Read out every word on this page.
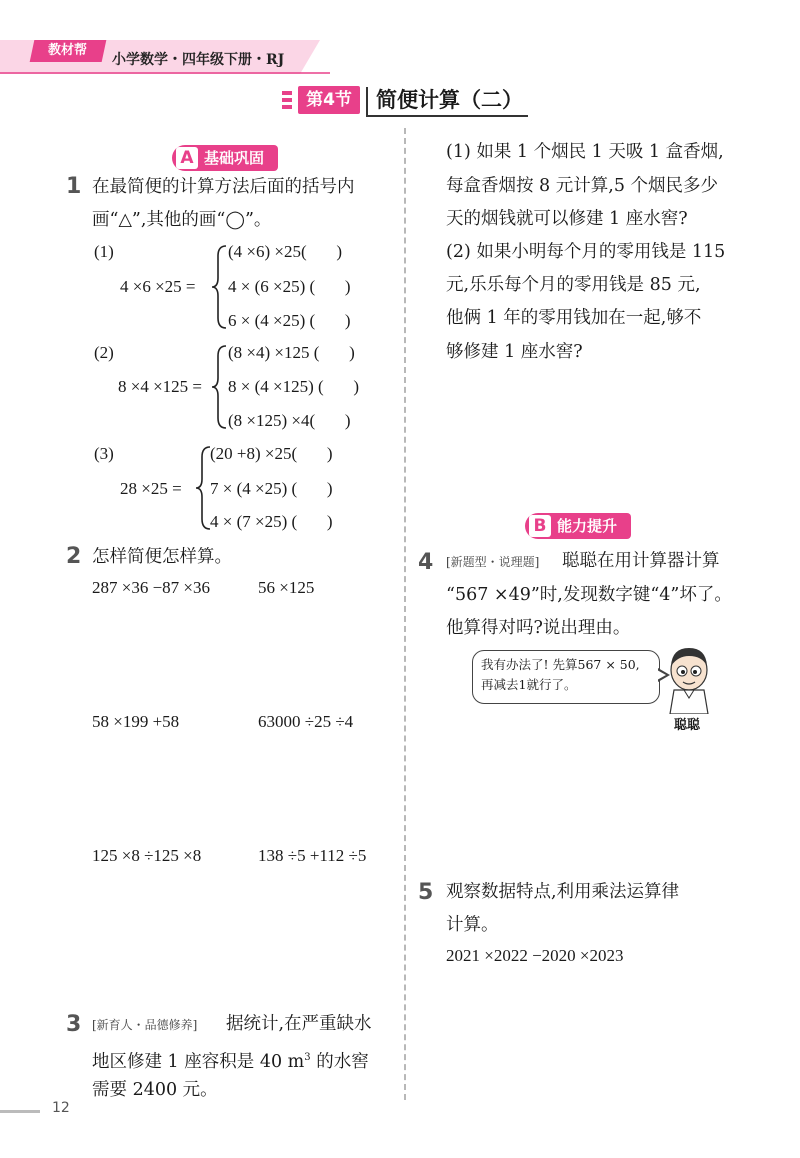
教材帮
小学数学・四年级下册・RJ
第4节	简便计算（二）
A 基础巩固
1 在最简便的计算方法后面的括号内
画“△”,其他的画“◯”。
(1)
4 ×6 ×25 =
(4 ×6) ×25(       )
4 × (6 ×25) (       )
6 × (4 ×25) (       )
(2)
8 ×4 ×125 =
(8 ×4) ×125 (       )
8 × (4 ×125) (       )
(8 ×125) ×4(       )
(3)
28 ×25 =
(20 +8) ×25(       )
7 × (4 ×25) (       )
4 × (7 ×25) (       )
2 怎样简便怎样算。
287 ×36 −87 ×36	56 ×125
58 ×199 +58	63000 ÷25 ÷4
125 ×8 ÷125 ×8	138 ÷5 +112 ÷5
3 [新育人・品德修养] 据统计,在严重缺水
地区修建 1 座容积是 40 $m^3$ 的水窖
需要 2400 元。
(1) 如果 1 个烟民 1 天吸 1 盒香烟,
每盒香烟按 8 元计算,5 个烟民多少
天的烟钱就可以修建 1 座水窖?
(2) 如果小明每个月的零用钱是 115
元,乐乐每个月的零用钱是 85 元,
他俩 1 年的零用钱加在一起,够不
够修建 1 座水窖?
B 能力提升
4 [新题型・说理题] 聪聪在用计算器计算
“567 ×49”时,发现数字键“4”坏了。
他算得对吗?说出理由。
我有办法了! 先算567 × 50,
再减去1就行了。
聪聪
5 观察数据特点,利用乘法运算律
计算。
2021 ×2022 −2020 ×2023
12
